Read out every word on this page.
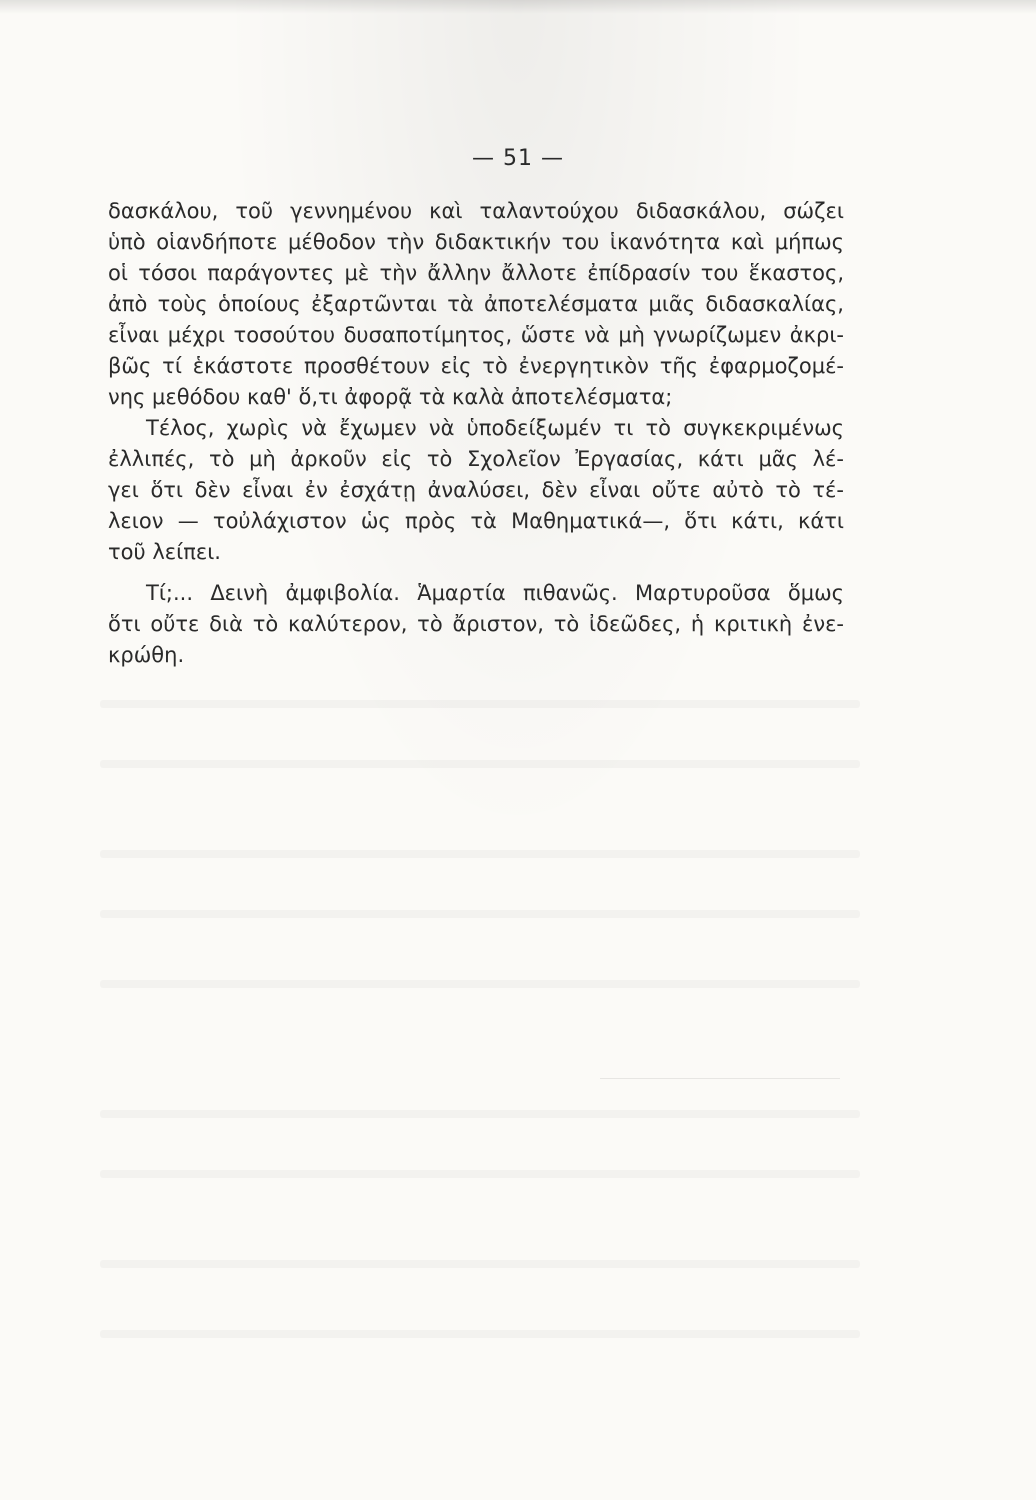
— 51 —
δασκάλου, τοῦ γεννημένου καὶ ταλαντούχου διδασκάλου, σώζει
ὑπὸ οἱανδήποτε μέθοδον τὴν διδακτικήν του ἱκανότητα καὶ μήπως
οἱ τόσοι παράγοντες μὲ τὴν ἄλλην ἄλλοτε ἐπίδρασίν του ἕκαστος,
ἀπὸ τοὺς ὁποίους ἐξαρτῶνται τὰ ἀποτελέσματα μιᾶς διδασκαλίας,
εἶναι μέχρι τοσούτου δυσαποτίμητος, ὥστε νὰ μὴ γνωρίζωμεν ἀκρι-
βῶς τί ἑκάστοτε προσθέτουν εἰς τὸ ἐνεργητικὸν τῆς ἐφαρμοζομέ-
νης μεθόδου καθ' ὅ,τι ἀφορᾷ τὰ καλὰ ἀποτελέσματα;
Τέλος, χωρὶς νὰ ἔχωμεν νὰ ὑποδείξωμέν τι τὸ συγκεκριμένως
ἐλλιπές, τὸ μὴ ἀρκοῦν εἰς τὸ Σχολεῖον Ἐργασίας, κάτι μᾶς λέ-
γει ὅτι δὲν εἶναι ἐν ἐσχάτῃ ἀναλύσει, δὲν εἶναι οὔτε αὐτὸ τὸ τέ-
λειον — τοὐλάχιστον ὡς πρὸς τὰ Μαθηματικά—, ὅτι κάτι, κάτι
τοῦ λείπει.
Τί;... Δεινὴ ἀμφιβολία. Ἁμαρτία πιθανῶς. Μαρτυροῦσα ὅμως
ὅτι οὔτε διὰ τὸ καλύτερον, τὸ ἄριστον, τὸ ἰδεῶδες, ἡ κριτικὴ ἐνε-
κρώθη.
